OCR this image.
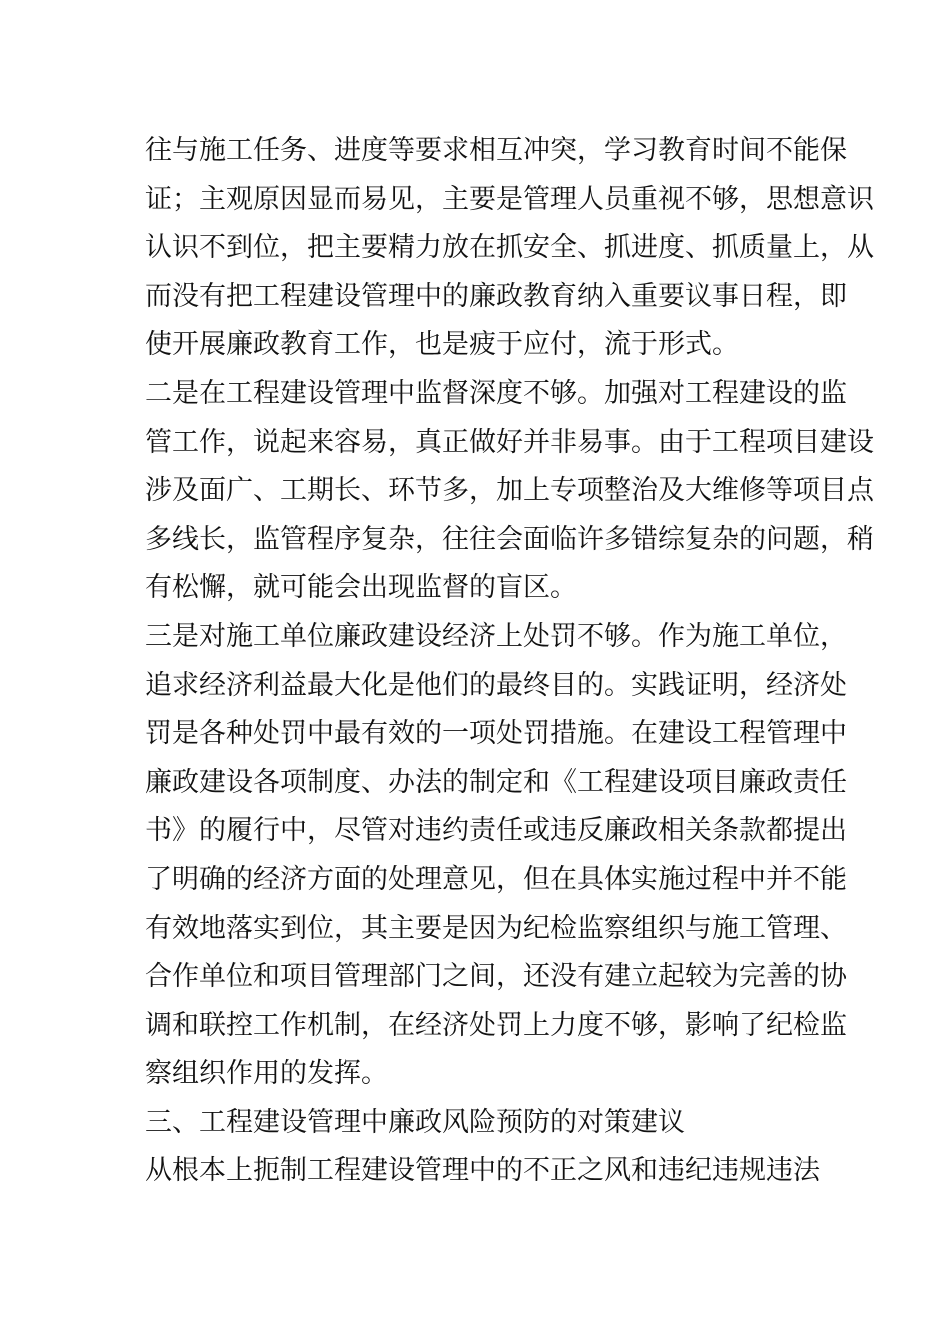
往与施工任务、进度等要求相互冲突，学习教育时间不能保
证；主观原因显而易见，主要是管理人员重视不够，思想意识
认识不到位，把主要精力放在抓安全、抓进度、抓质量上，从
而没有把工程建设管理中的廉政教育纳入重要议事日程，即
使开展廉政教育工作，也是疲于应付，流于形式。
二是在工程建设管理中监督深度不够。加强对工程建设的监
管工作，说起来容易，真正做好并非易事。由于工程项目建设
涉及面广、工期长、环节多，加上专项整治及大维修等项目点
多线长，监管程序复杂，往往会面临许多错综复杂的问题，稍
有松懈，就可能会出现监督的盲区。
三是对施工单位廉政建设经济上处罚不够。作为施工单位，
追求经济利益最大化是他们的最终目的。实践证明，经济处
罚是各种处罚中最有效的一项处罚措施。在建设工程管理中
廉政建设各项制度、办法的制定和《工程建设项目廉政责任
书》的履行中，尽管对违约责任或违反廉政相关条款都提出
了明确的经济方面的处理意见，但在具体实施过程中并不能
有效地落实到位，其主要是因为纪检监察组织与施工管理、
合作单位和项目管理部门之间，还没有建立起较为完善的协
调和联控工作机制，在经济处罚上力度不够，影响了纪检监
察组织作用的发挥。
三、工程建设管理中廉政风险预防的对策建议
从根本上扼制工程建设管理中的不正之风和违纪违规违法
